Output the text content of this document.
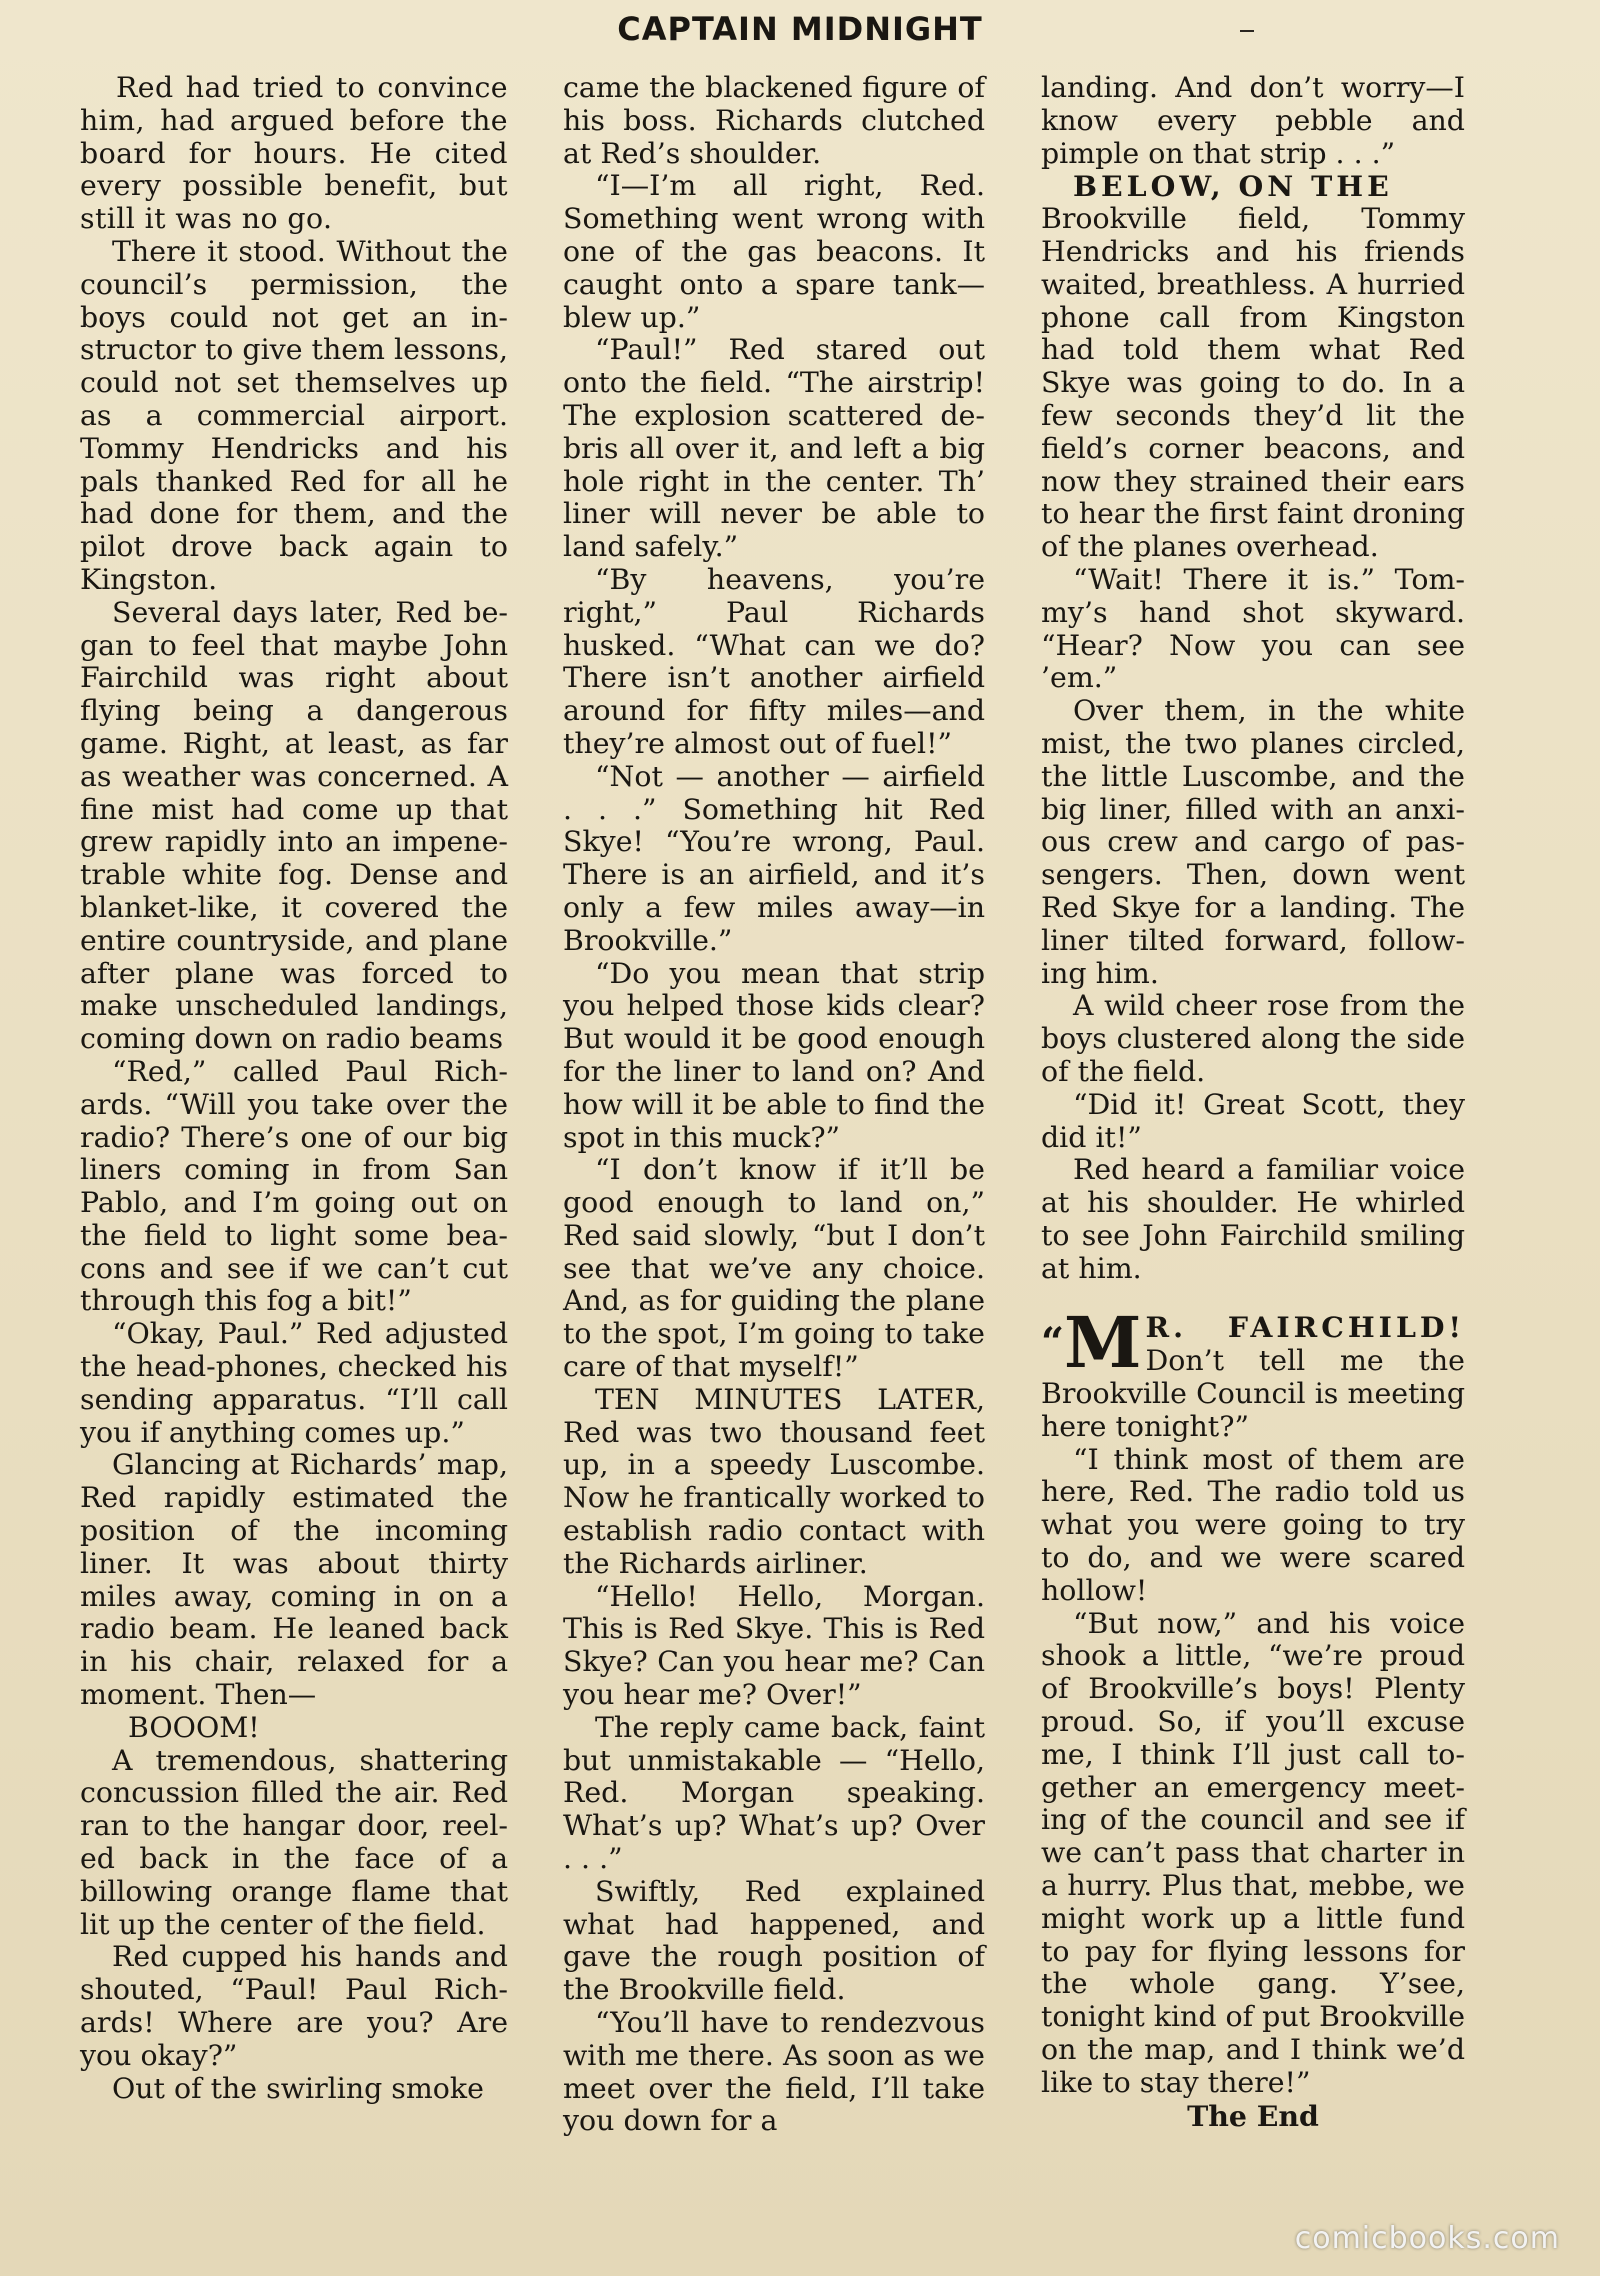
CAPTAIN MIDNIGHT

Red had tried to convince him, had argued before the board for hours. He cited every possible benefit, but still it was no go.

There it stood. Without the council’s permission, the boys could not get an instructor to give them lessons, could not set themselves up as a commercial airport. Tommy Hendricks and his pals thanked Red for all he had done for them, and the pilot drove back again to Kingston.

Several days later, Red began to feel that maybe John Fairchild was right about flying being a dangerous game. Right, at least, as far as weather was concerned. A fine mist had come up that grew rapidly into an impenetrable white fog. Dense and blanket-like, it covered the entire countryside, and plane after plane was forced to make unscheduled landings, coming down on radio beams

“Red,” called Paul Richards. “Will you take over the radio? There’s one of our big liners coming in from San Pablo, and I’m going out on the field to light some beacons and see if we can’t cut through this fog a bit!”

“Okay, Paul.” Red adjusted the head-phones, checked his sending apparatus. “I’ll call you if anything comes up.”

Glancing at Richards’ map, Red rapidly estimated the position of the incoming liner. It was about thirty miles away, coming in on a radio beam. He leaned back in his chair, relaxed for a moment. Then—

BOOOM!

A tremendous, shattering concussion filled the air. Red ran to the hangar door, reeled back in the face of a billowing orange flame that lit up the center of the field.

Red cupped his hands and shouted, “Paul! Paul Richards! Where are you? Are you okay?”

Out of the swirling smoke

came the blackened figure of his boss. Richards clutched at Red’s shoulder.

“I—I’m all right, Red. Something went wrong with one of the gas beacons. It caught onto a spare tank—blew up.”

“Paul!” Red stared out onto the field. “The airstrip! The explosion scattered debris all over it, and left a big hole right in the center. Th’ liner will never be able to land safely.”

“By heavens, you’re right,” Paul Richards husked. “What can we do? There isn’t another airfield around for fifty miles—and they’re almost out of fuel!”

“Not — another — airfield . . .” Something hit Red Skye! “You’re wrong, Paul. There is an airfield, and it’s only a few miles away—in Brookville.”

“Do you mean that strip you helped those kids clear? But would it be good enough for the liner to land on? And how will it be able to find the spot in this muck?”

“I don’t know if it’ll be good enough to land on,” Red said slowly, “but I don’t see that we’ve any choice. And, as for guiding the plane to the spot, I’m going to take care of that myself!”

TEN MINUTES LATER, Red was two thousand feet up, in a speedy Luscombe. Now he frantically worked to establish radio contact with the Richards airliner.

“Hello! Hello, Morgan. This is Red Skye. This is Red Skye? Can you hear me? Can you hear me? Over!”

The reply came back, faint but unmistakable — “Hello, Red. Morgan speaking. What’s up? What’s up? Over . . .”

Swiftly, Red explained what had happened, and gave the rough position of the Brookville field.

“You’ll have to rendezvous with me there. As soon as we meet over the field, I’ll take you down for a

landing. And don’t worry—I know every pebble and pimple on that strip . . .”

BELOW, ON THE

Brookville field, Tommy Hendricks and his friends waited, breathless. A hurried phone call from Kingston had told them what Red Skye was going to do. In a few seconds they’d lit the field’s corner beacons, and now they strained their ears to hear the first faint droning of the planes overhead.

“Wait! There it is.” Tommy’s hand shot skyward. “Hear? Now you can see ’em.”

Over them, in the white mist, the two planes circled, the little Luscombe, and the big liner, filled with an anxious crew and cargo of passengers. Then, down went Red Skye for a landing. The liner tilted forward, following him.

A wild cheer rose from the boys clustered along the side of the field.

“Did it! Great Scott, they did it!”

Red heard a familiar voice at his shoulder. He whirled to see John Fairchild smiling at him.

“M R. FAIRCHILD! Don’t tell me the Brookville Council is meeting here tonight?”

“I think most of them are here, Red. The radio told us what you were going to try to do, and we were scared hollow!

“But now,” and his voice shook a little, “we’re proud of Brookville’s boys! Plenty proud. So, if you’ll excuse me, I think I’ll just call together an emergency meeting of the council and see if we can’t pass that charter in a hurry. Plus that, mebbe, we might work up a little fund to pay for flying lessons for the whole gang. Y’see, tonight kind of put Brookville on the map, and I think we’d like to stay there!”

The End

comicbooks.com
